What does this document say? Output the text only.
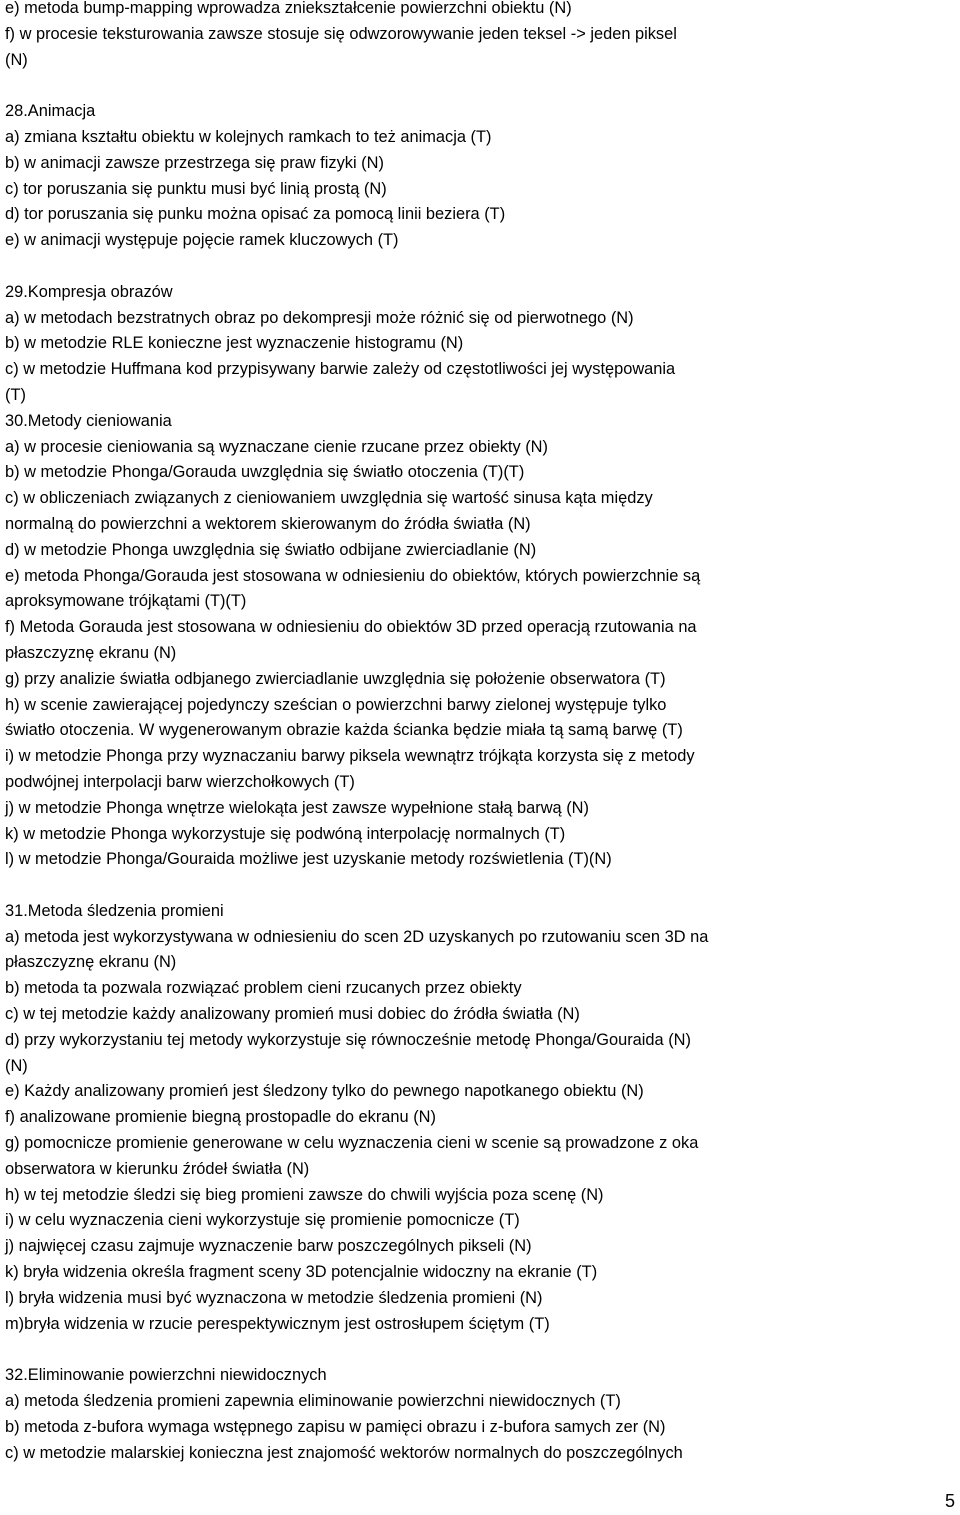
e) metoda bump-mapping wprowadza zniekształcenie powierzchni obiektu (N)
f) w procesie teksturowania zawsze stosuje się odwzorowywanie jeden teksel -> jeden piksel
(N)
28.Animacja
a) zmiana kształtu obiektu w kolejnych ramkach to też animacja (T)
b) w animacji zawsze przestrzega się praw fizyki (N)
c) tor poruszania się punktu musi być linią prostą (N)
d) tor poruszania się punku można opisać za pomocą linii beziera (T)
e) w animacji występuje pojęcie ramek kluczowych (T)
29.Kompresja obrazów
a) w metodach bezstratnych obraz po dekompresji może różnić się od pierwotnego (N)
b) w metodzie RLE konieczne jest wyznaczenie histogramu (N)
c) w metodzie Huffmana kod przypisywany barwie zależy od częstotliwości jej występowania
(T)
30.Metody cieniowania
a) w procesie cieniowania są wyznaczane cienie rzucane przez obiekty (N)
b) w metodzie Phonga/Gorauda uwzględnia się światło otoczenia (T)(T)
c) w obliczeniach związanych z cieniowaniem uwzględnia się wartość sinusa kąta między
normalną do powierzchni a wektorem skierowanym do źródła światła (N)
d) w metodzie Phonga uwzględnia się światło odbijane zwierciadlanie (N)
e) metoda Phonga/Gorauda jest stosowana w odniesieniu do obiektów, których powierzchnie są
aproksymowane trójkątami (T)(T)
f) Metoda Gorauda jest stosowana w odniesieniu do obiektów 3D przed operacją rzutowania na
płaszczyznę ekranu (N)
g) przy analizie światła odbjanego zwierciadlanie uwzględnia się położenie obserwatora (T)
h) w scenie zawierającej pojedynczy sześcian o powierzchni barwy zielonej występuje tylko
światło otoczenia. W wygenerowanym obrazie każda ścianka będzie miała tą samą barwę (T)
i) w metodzie Phonga przy wyznaczaniu barwy piksela wewnątrz trójkąta korzysta się z metody
podwójnej interpolacji barw wierzchołkowych (T)
j) w metodzie Phonga wnętrze wielokąta jest zawsze wypełnione stałą barwą (N)
k) w metodzie Phonga wykorzystuje się podwóną interpolację normalnych (T)
l) w metodzie Phonga/Gouraida możliwe jest uzyskanie metody rozświetlenia (T)(N)
31.Metoda śledzenia promieni
a) metoda jest wykorzystywana w odniesieniu do scen 2D uzyskanych po rzutowaniu scen 3D na
płaszczyznę ekranu (N)
b) metoda ta pozwala rozwiązać problem cieni rzucanych przez obiekty
c) w tej metodzie każdy analizowany promień musi dobiec do źródła światła (N)
d) przy wykorzystaniu tej metody wykorzystuje się równocześnie metodę Phonga/Gouraida (N)
(N)
e) Każdy analizowany promień jest śledzony tylko do pewnego napotkanego obiektu (N)
f) analizowane promienie biegną prostopadle do ekranu (N)
g) pomocnicze promienie generowane w celu wyznaczenia cieni w scenie są prowadzone z oka
obserwatora w kierunku źródeł światła (N)
h) w tej metodzie śledzi się bieg promieni zawsze do chwili wyjścia poza scenę (N)
i) w celu wyznaczenia cieni wykorzystuje się promienie pomocnicze (T)
j) najwięcej czasu zajmuje wyznaczenie barw poszczególnych pikseli (N)
k) bryła widzenia określa fragment sceny 3D potencjalnie widoczny na ekranie (T)
l) bryła widzenia musi być wyznaczona w metodzie śledzenia promieni (N)
m)bryła widzenia w rzucie perespektywicznym jest ostrosłupem ściętym (T)
32.Eliminowanie powierzchni niewidocznych
a) metoda śledzenia promieni zapewnia eliminowanie powierzchni niewidocznych (T)
b) metoda z-bufora wymaga wstępnego zapisu w pamięci obrazu i z-bufora samych zer (N)
c) w metodzie malarskiej konieczna jest znajomość wektorów normalnych do poszczególnych
5
